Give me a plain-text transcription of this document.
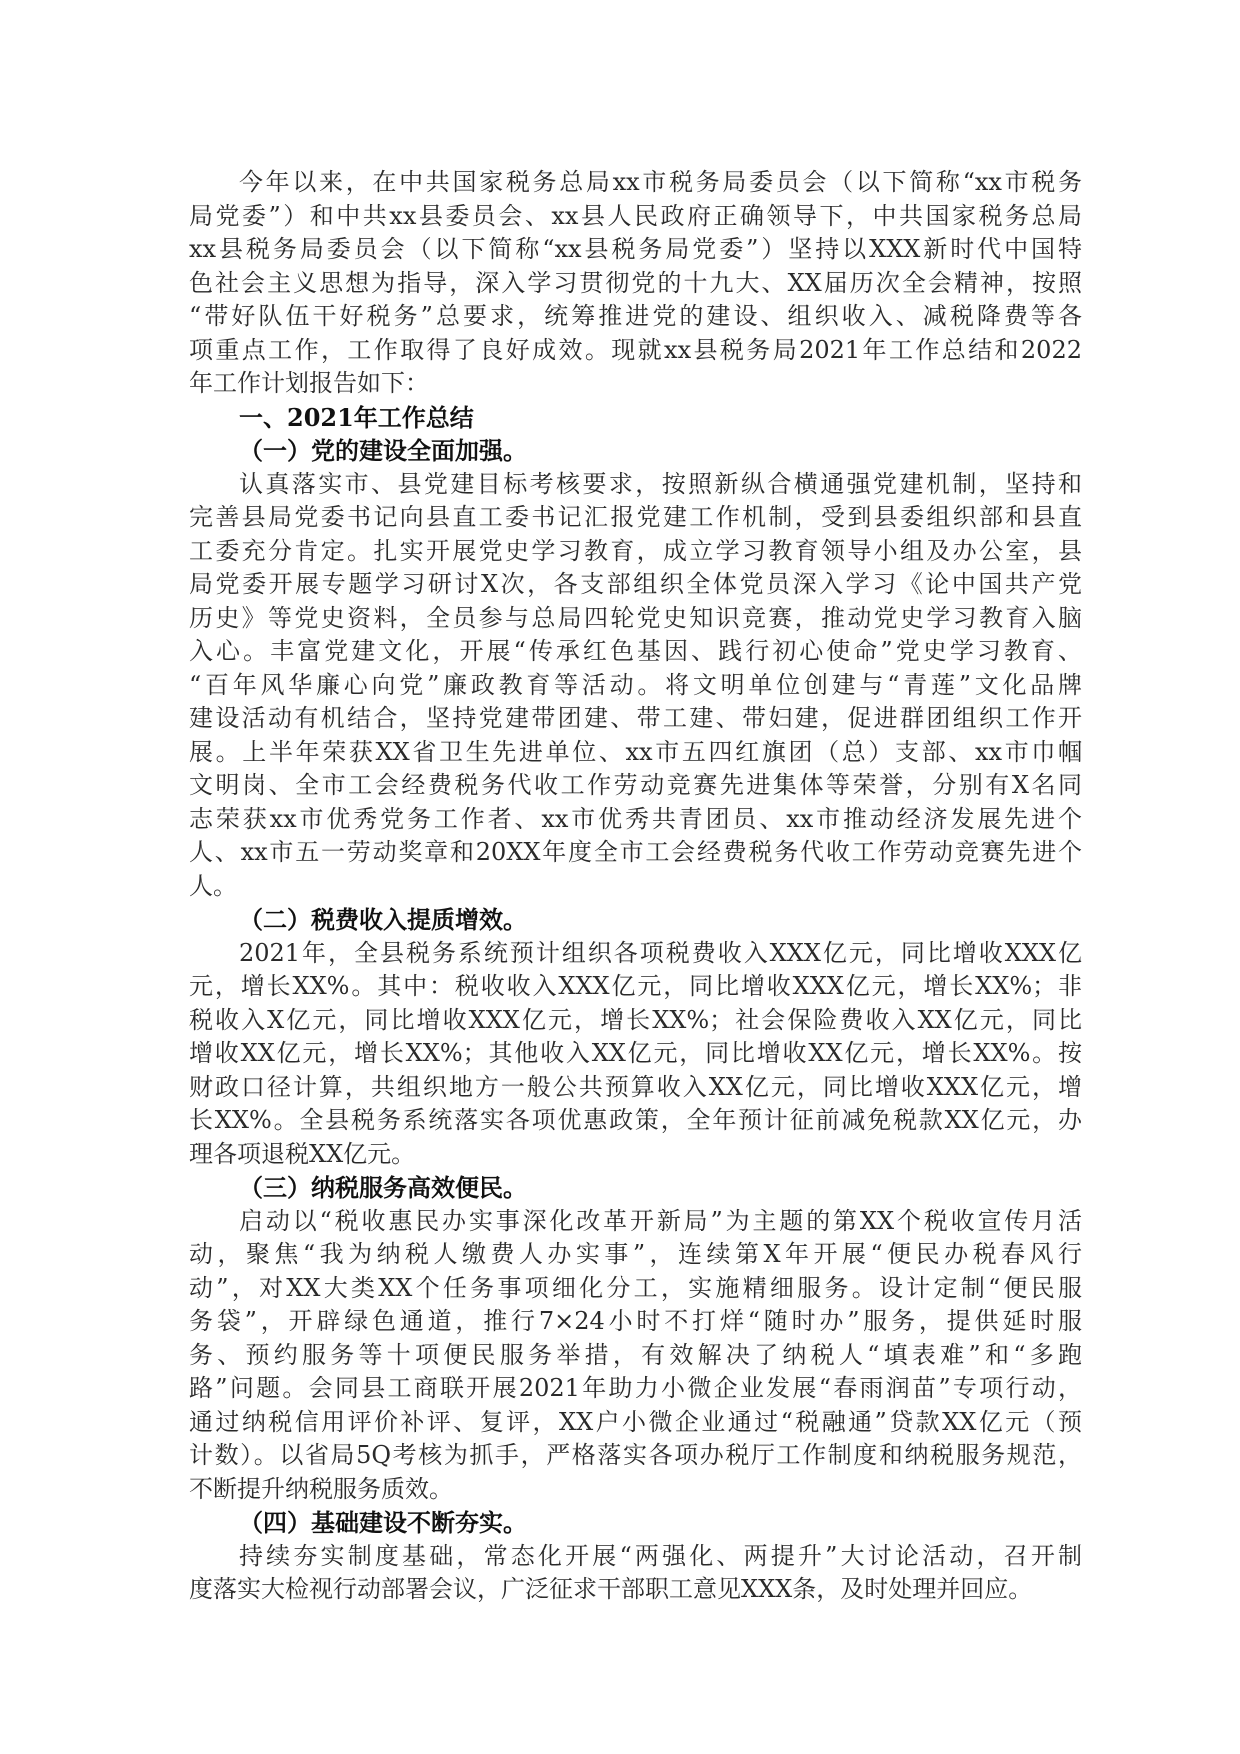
今年以来，在中共国家税务总局xx市税务局委员会（以下简称“xx市税务
局党委”）和中共xx县委员会、xx县人民政府正确领导下，中共国家税务总局
xx县税务局委员会（以下简称“xx县税务局党委”）坚持以XXX新时代中国特
色社会主义思想为指导，深入学习贯彻党的十九大、XX届历次全会精神，按照
“带好队伍干好税务”总要求，统筹推进党的建设、组织收入、减税降费等各
项重点工作，工作取得了良好成效。现就xx县税务局2021年工作总结和2022
年工作计划报告如下：
一、2021年工作总结
（一）党的建设全面加强。
认真落实市、县党建目标考核要求，按照新纵合横通强党建机制，坚持和
完善县局党委书记向县直工委书记汇报党建工作机制，受到县委组织部和县直
工委充分肯定。扎实开展党史学习教育，成立学习教育领导小组及办公室，县
局党委开展专题学习研讨X次，各支部组织全体党员深入学习《论中国共产党
历史》等党史资料，全员参与总局四轮党史知识竞赛，推动党史学习教育入脑
入心。丰富党建文化，开展“传承红色基因、践行初心使命”党史学习教育、
“百年风华廉心向党”廉政教育等活动。将文明单位创建与“青莲”文化品牌
建设活动有机结合，坚持党建带团建、带工建、带妇建，促进群团组织工作开
展。上半年荣获XX省卫生先进单位、xx市五四红旗团（总）支部、xx市巾帼
文明岗、全市工会经费税务代收工作劳动竞赛先进集体等荣誉，分别有X名同
志荣获xx市优秀党务工作者、xx市优秀共青团员、xx市推动经济发展先进个
人、xx市五一劳动奖章和20XX年度全市工会经费税务代收工作劳动竞赛先进个
人。
（二）税费收入提质增效。
2021年，全县税务系统预计组织各项税费收入XXX亿元，同比增收XXX亿
元，增长XX%。其中：税收收入XXX亿元，同比增收XXX亿元，增长XX%；非
税收入X亿元，同比增收XXX亿元，增长XX%；社会保险费收入XX亿元，同比
增收XX亿元，增长XX%；其他收入XX亿元，同比增收XX亿元，增长XX%。按
财政口径计算，共组织地方一般公共预算收入XX亿元，同比增收XXX亿元，增
长XX%。全县税务系统落实各项优惠政策，全年预计征前减免税款XX亿元，办
理各项退税XX亿元。
（三）纳税服务高效便民。
启动以“税收惠民办实事深化改革开新局”为主题的第XX个税收宣传月活
动，聚焦“我为纳税人缴费人办实事”，连续第X年开展“便民办税春风行
动”，对XX大类XX个任务事项细化分工，实施精细服务。设计定制“便民服
务袋”，开辟绿色通道，推行7×24小时不打烊“随时办”服务，提供延时服
务、预约服务等十项便民服务举措，有效解决了纳税人“填表难”和“多跑
路”问题。会同县工商联开展2021年助力小微企业发展“春雨润苗”专项行动，
通过纳税信用评价补评、复评，XX户小微企业通过“税融通”贷款XX亿元（预
计数）。以省局5Q考核为抓手，严格落实各项办税厅工作制度和纳税服务规范，
不断提升纳税服务质效。
（四）基础建设不断夯实。
持续夯实制度基础，常态化开展“两强化、两提升”大讨论活动，召开制
度落实大检视行动部署会议，广泛征求干部职工意见XXX条，及时处理并回应。
